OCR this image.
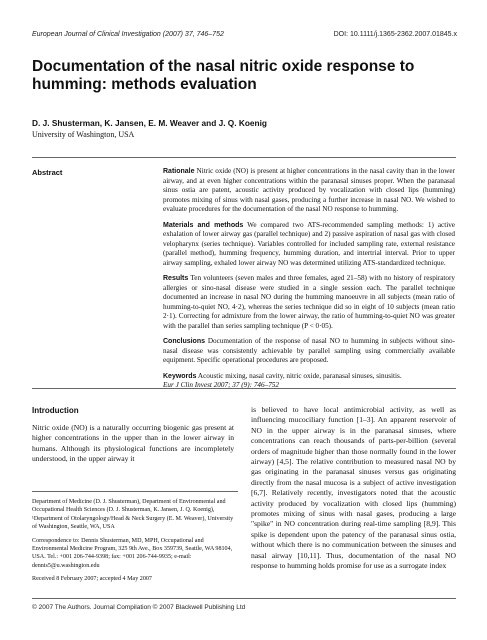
European Journal of Clinical Investigation (2007) 37, 746–752	DOI: 10.1111/j.1365-2362.2007.01845.x
Documentation of the nasal nitric oxide response to humming: methods evaluation
D. J. Shusterman, K. Jansen, E. M. Weaver and J. Q. Koenig
University of Washington, USA
Abstract	Rationale Nitric oxide (NO) is present at higher concentrations in the nasal cavity than in the lower airway, and at even higher concentrations within the paranasal sinuses proper. When the paranasal sinus ostia are patent, acoustic activity produced by vocalization with closed lips (humming) promotes mixing of sinus with nasal gases, producing a further increase in nasal NO. We wished to evaluate procedures for the documentation of the nasal NO response to humming.

Materials and methods We compared two ATS-recommended sampling methods: 1) active exhalation of lower airway gas (parallel technique) and 2) passive aspiration of nasal gas with closed velopharynx (series technique). Variables controlled for included sampling rate, external resistance (parallel method), humming frequency, humming duration, and intertrial interval. Prior to upper airway sampling, exhaled lower airway NO was determined utilizing ATS-standardized technique.

Results Ten volunteers (seven males and three females, aged 21–58) with no history of respiratory allergies or sino-nasal disease were studied in a single session each. The parallel technique documented an increase in nasal NO during the humming manoeuvre in all subjects (mean ratio of humming-to-quiet NO, 4·2), whereas the series technique did so in eight of 10 subjects (mean ratio 2·1). Correcting for admixture from the lower airway, the ratio of humming-to-quiet NO was greater with the parallel than series sampling technique (P < 0·05).

Conclusions Documentation of the response of nasal NO to humming in subjects without sino-nasal disease was consistently achievable by parallel sampling using commercially available equipment. Specific operational procedures are proposed.

Keywords Acoustic mixing, nasal cavity, nitric oxide, paranasal sinuses, sinusitis.
Eur J Clin Invest 2007; 37 (9): 746–752

Introduction
Nitric oxide (NO) is a naturally occurring biogenic gas present at higher concentrations in the upper than in the lower airway in humans. Although its physiological functions are incompletely understood, in the upper airway it

Department of Medicine (D. J. Shusterman), Department of Environmental and Occupational Health Sciences (D. J. Shusterman, K. Jansen, J. Q. Koenig), ¹Department of Otolaryngology/Head & Neck Surgery (E. M. Weaver), University of Washington, Seattle, WA, USA

Correspondence to: Dennis Shusterman, MD, MPH, Occupational and Environmental Medicine Program, 325 9th Ave., Box 359739, Seattle, WA 98104, USA. Tel.: +001 206-744-9398; fax: +001 206-744-9935; e-mail: dennis5@u.washington.edu

Received 8 February 2007; accepted 4 May 2007

is believed to have local antimicrobial activity, as well as influencing mucociliary function [1–3]. An apparent reservoir of NO in the upper airway is in the paranasal sinuses, where concentrations can reach thousands of parts-per-billion (several orders of magnitude higher than those normally found in the lower airway) [4,5]. The relative contribution to measured nasal NO by gas originating in the paranasal sinuses versus gas originating directly from the nasal mucosa is a subject of active investigation [6,7]. Relatively recently, investigators noted that the acoustic activity produced by vocalization with closed lips (humming) promotes mixing of sinus with nasal gases, producing a large "spike" in NO concentration during real-time sampling [8,9]. This spike is dependent upon the patency of the paranasal sinus ostia, without which there is no communication between the sinuses and nasal airway [10,11]. Thus, documentation of the nasal NO response to humming holds promise for use as a surrogate index
© 2007 The Authors. Journal Compilation © 2007 Blackwell Publishing Ltd
